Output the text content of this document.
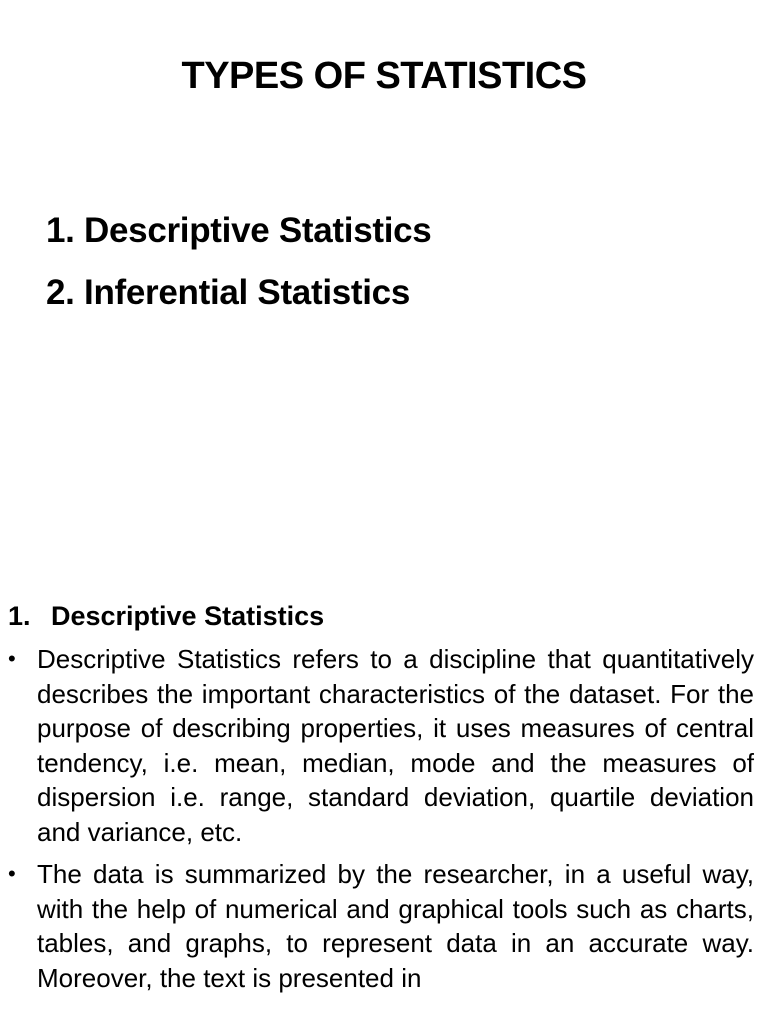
TYPES OF STATISTICS
1. Descriptive Statistics
2. Inferential Statistics
1. Descriptive Statistics
• Descriptive Statistics refers to a discipline that quantitatively describes the important characteristics of the dataset. For the purpose of describing properties, it uses measures of central tendency, i.e. mean, median, mode and the measures of dispersion i.e. range, standard deviation, quartile deviation and variance, etc.
• The data is summarized by the researcher, in a useful way, with the help of numerical and graphical tools such as charts, tables, and graphs, to represent data in an accurate way. Moreover, the text is presented in
